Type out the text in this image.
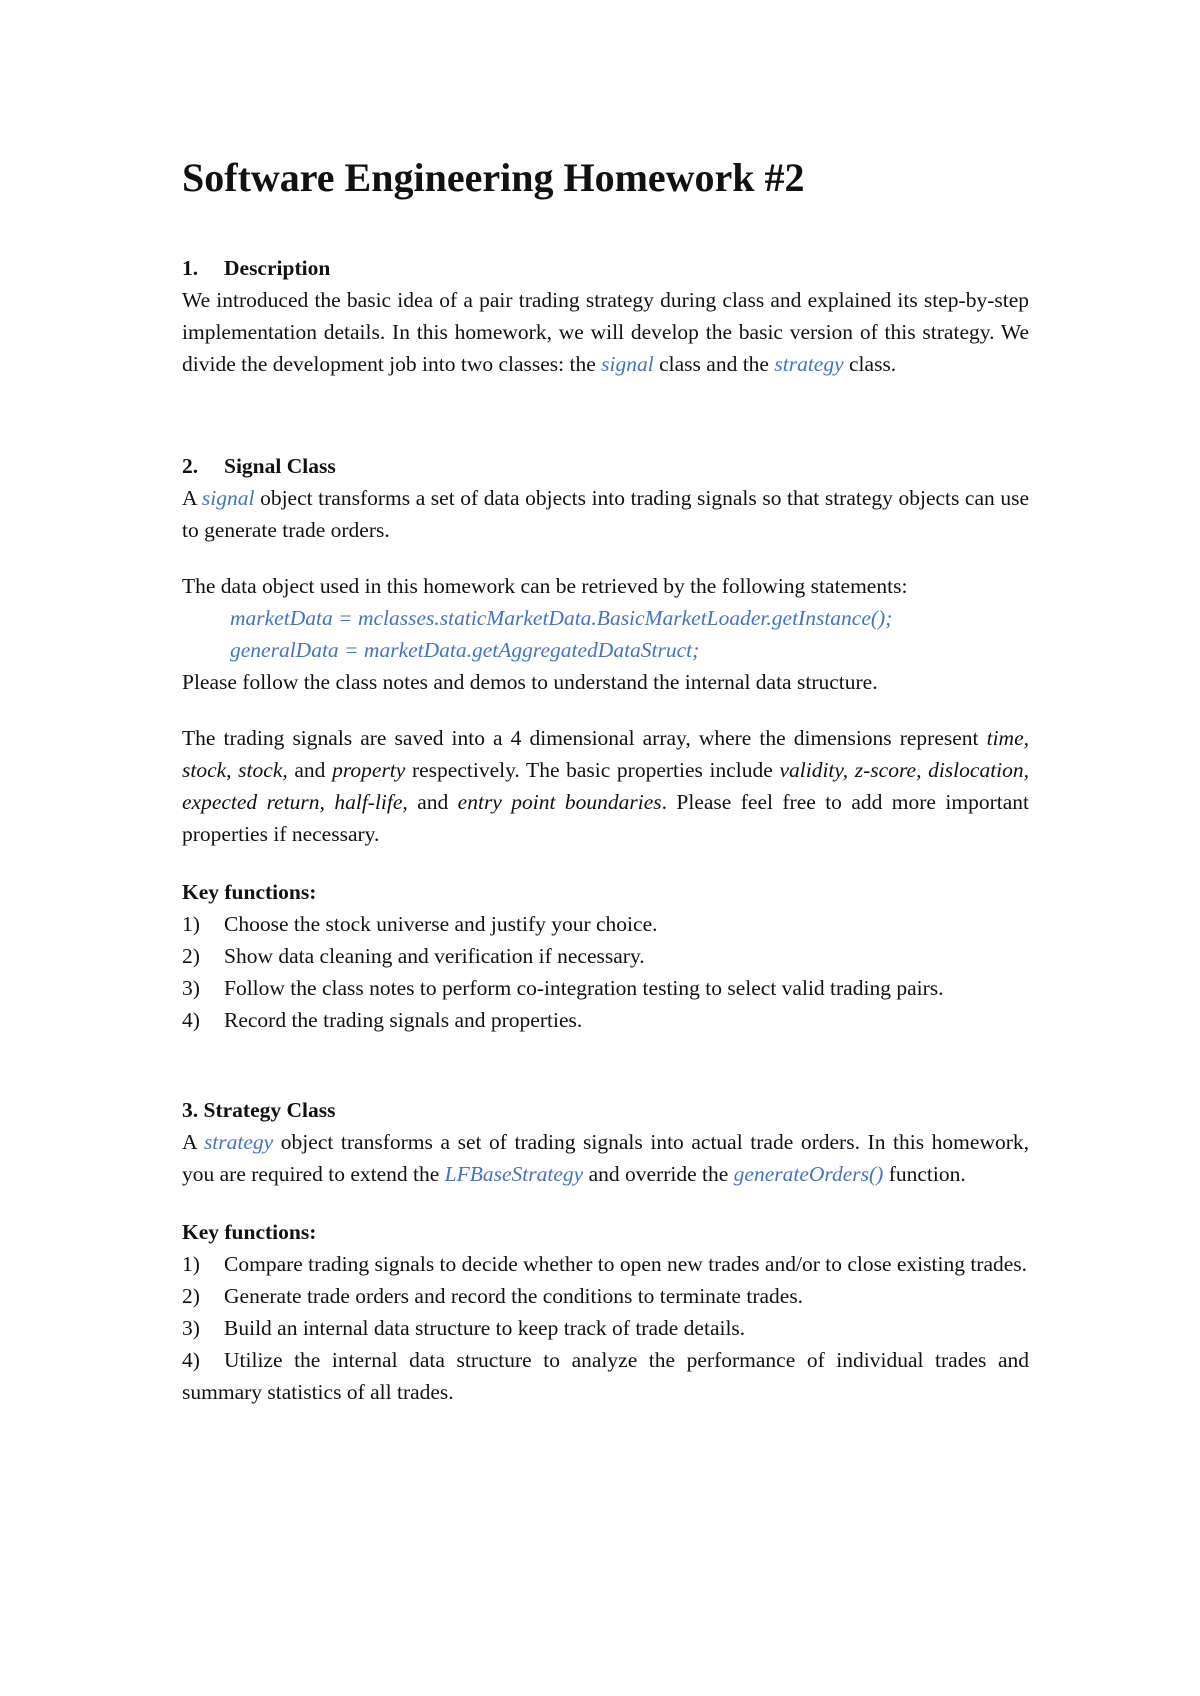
Software Engineering Homework #2
1. Description

We introduced the basic idea of a pair trading strategy during class and explained its step-by-step implementation details. In this homework, we will develop the basic version of this strategy. We divide the development job into two classes: the signal class and the strategy class.

2. Signal Class

A signal object transforms a set of data objects into trading signals so that strategy objects can use to generate trade orders.

The data object used in this homework can be retrieved by the following statements:

marketData = mclasses.staticMarketData.BasicMarketLoader.getInstance();
generalData = marketData.getAggregatedDataStruct;

Please follow the class notes and demos to understand the internal data structure.

The trading signals are saved into a 4 dimensional array, where the dimensions represent time, stock, stock, and property respectively. The basic properties include validity, z-score, dislocation, expected return, half-life, and entry point boundaries. Please feel free to add more important properties if necessary.

Key functions:
1) Choose the stock universe and justify your choice.
2) Show data cleaning and verification if necessary.
3) Follow the class notes to perform co-integration testing to select valid trading pairs.
4) Record the trading signals and properties.
3. Strategy Class

A strategy object transforms a set of trading signals into actual trade orders. In this homework, you are required to extend the LFBaseStrategy and override the generateOrders() function.

Key functions:
1) Compare trading signals to decide whether to open new trades and/or to close existing trades.
2) Generate trade orders and record the conditions to terminate trades.
3) Build an internal data structure to keep track of trade details.
4) Utilize the internal data structure to analyze the performance of individual trades and summary statistics of all trades.
